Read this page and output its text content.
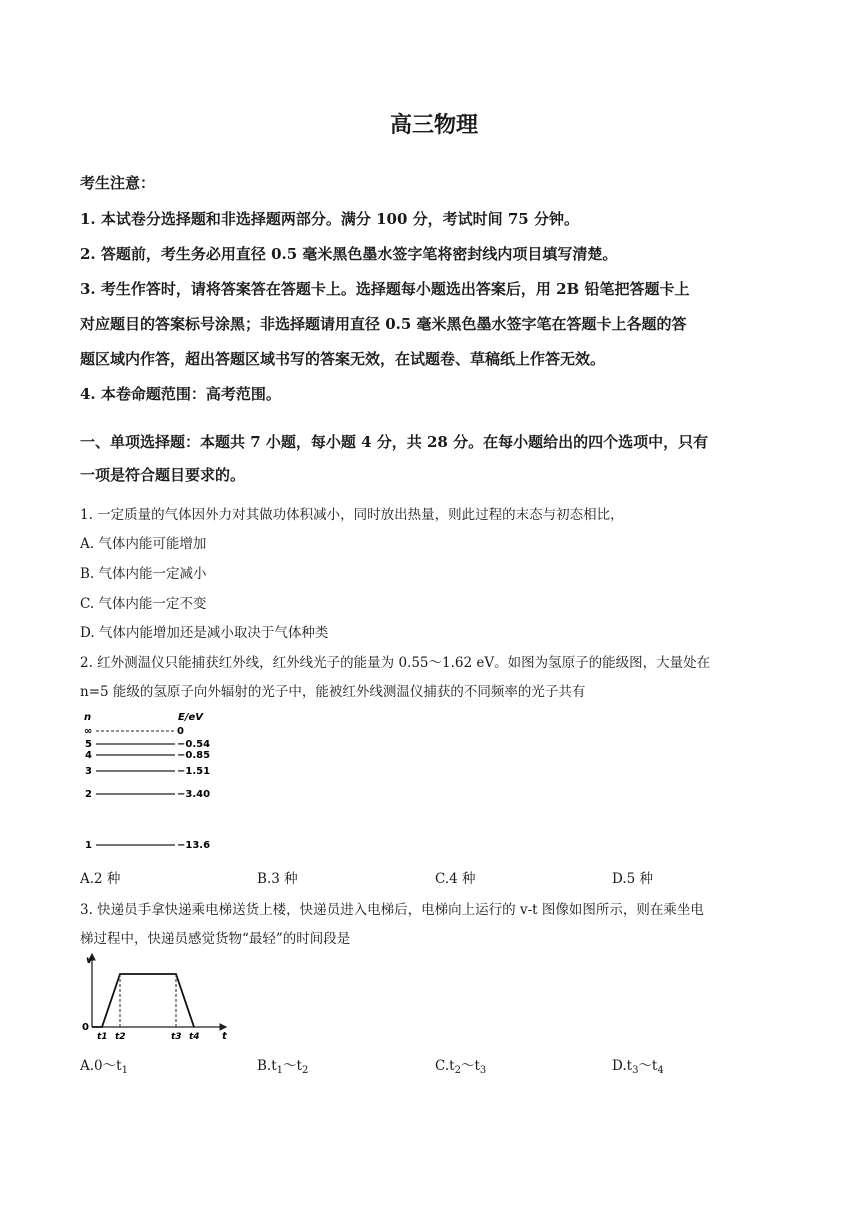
高三物理
考生注意：
1. 本试卷分选择题和非选择题两部分。满分 100 分，考试时间 75 分钟。
2. 答题前，考生务必用直径 0.5 毫米黑色墨水签字笔将密封线内项目填写清楚。
3. 考生作答时，请将答案答在答题卡上。选择题每小题选出答案后，用 2B 铅笔把答题卡上
对应题目的答案标号涂黑；非选择题请用直径 0.5 毫米黑色墨水签字笔在答题卡上各题的答
题区域内作答，超出答题区域书写的答案无效，在试题卷、草稿纸上作答无效。
4. 本卷命题范围：高考范围。
一、单项选择题：本题共 7 小题，每小题 4 分，共 28 分。在每小题给出的四个选项中，只有
一项是符合题目要求的。
1. 一定质量的气体因外力对其做功体积减小，同时放出热量，则此过程的末态与初态相比，
A. 气体内能可能增加
B. 气体内能一定减小
C. 气体内能一定不变
D. 气体内能增加还是减小取决于气体种类
2. 红外测温仪只能捕获红外线，红外线光子的能量为 0.55～1.62 eV。如图为氢原子的能级图，大量处在
n=5 能级的氢原子向外辐射的光子中，能被红外线测温仪捕获的不同频率的光子共有
n	E/eV
∞	0
5	−0.54
4	−0.85
3	−1.51
2	−3.40
1	−13.6
A.2 种	B.3 种	C.4 种	D.5 种
3. 快递员手拿快递乘电梯送货上楼，快递员进入电梯后，电梯向上运行的 v-t 图像如图所示，则在乘坐电
梯过程中，快递员感觉货物“最轻”的时间段是
v
t
0
t1 t2	t3 t4
$A.0\sim t_1$	$B.t_1\sim t_2$	$C.t_2\sim t_3$	$D.t_3\sim t_4$
